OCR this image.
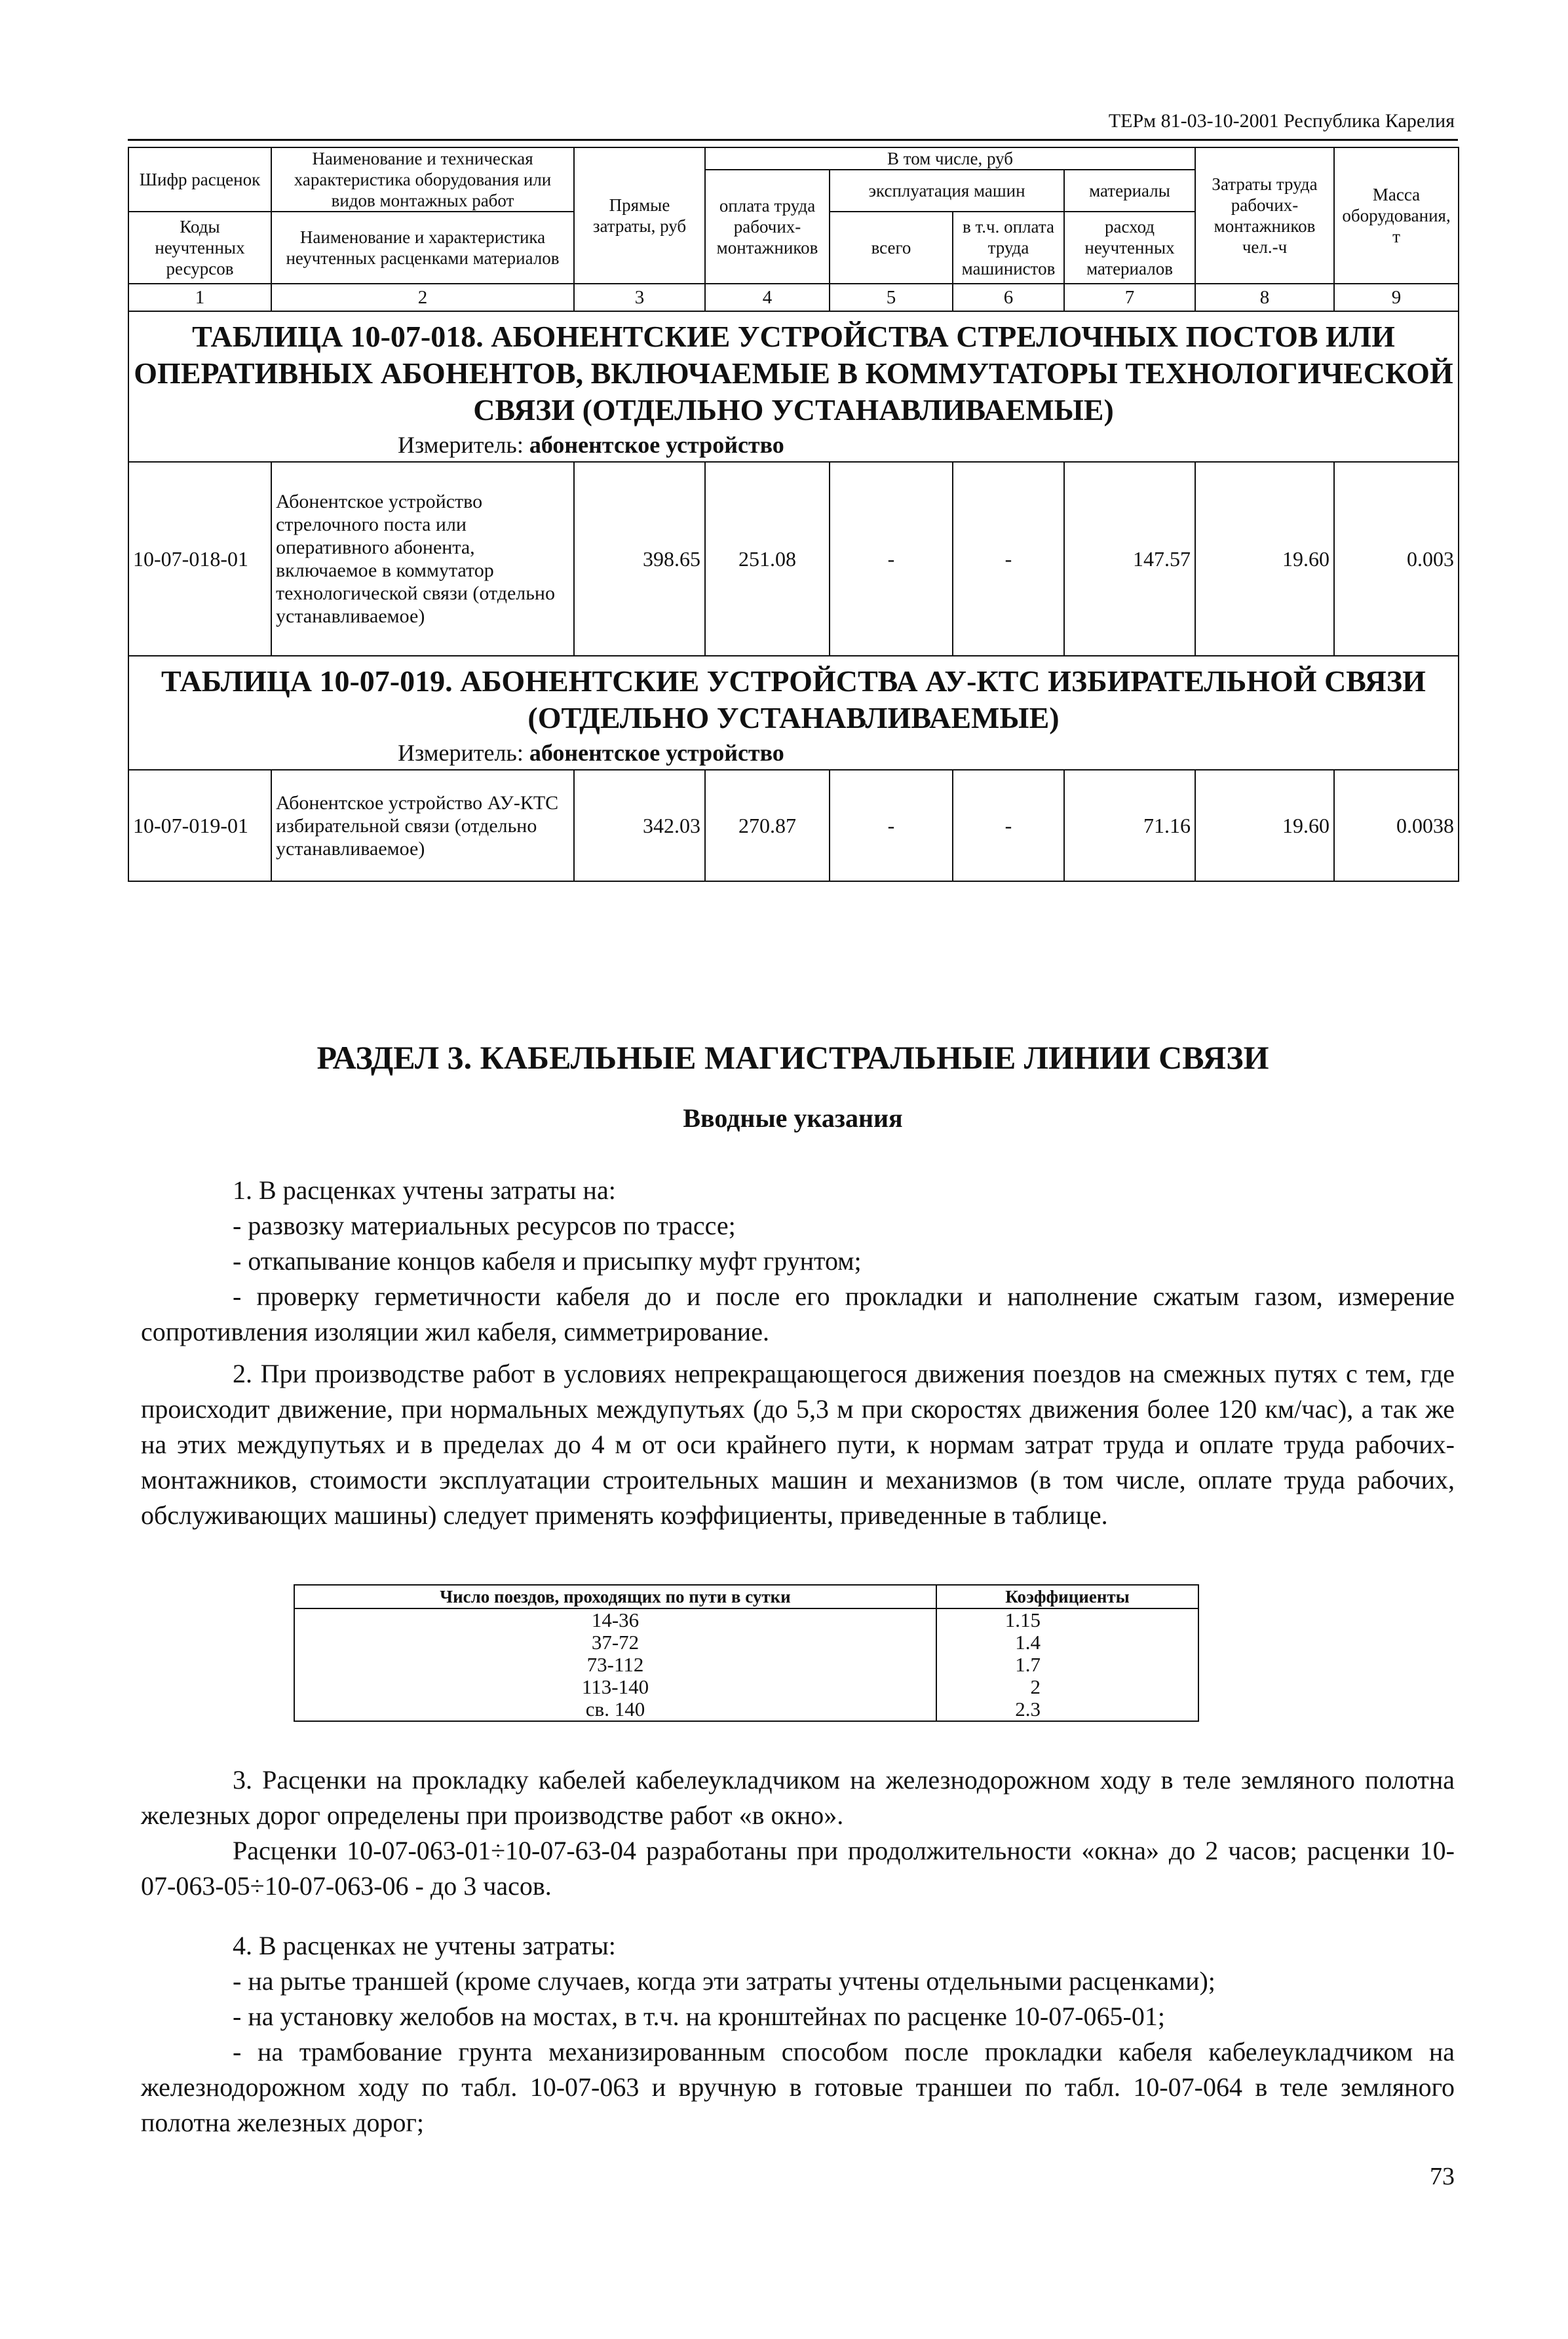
ТЕРм 81-03-10-2001 Республика Карелия
Шифр расценок	Наименование и техническая характеристика оборудования или видов монтажных работ	Прямые затраты, руб	В том числе, руб				Затраты труда рабочих-монтажников чел.-ч	Масса оборудования, т
			оплата труда рабочих-монтажников	эксплуатация машин		материалы		
Коды неучтенных ресурсов	Наименование и характеристика неучтенных расценками материалов			всего	в т.ч. оплата труда машинистов	расход неучтенных материалов		

1	2	3	4	5	6	7	8	9
ТАБЛИЦА 10-07-018. АБОНЕНТСКИЕ УСТРОЙСТВА СТРЕЛОЧНЫХ ПОСТОВ ИЛИ ОПЕРАТИВНЫХ АБОНЕНТОВ, ВКЛЮЧАЕМЫЕ В КОММУТАТОРЫ ТЕХНОЛОГИЧЕСКОЙ СВЯЗИ (ОТДЕЛЬНО УСТАНАВЛИВАЕМЫЕ)								
Измеритель: абонентское устройство								
10-07-018-01	Абонентское устройство стрелочного поста или оперативного абонента, включаемое в коммутатор технологической связи (отдельно устанавливаемое)	398.65	251.08	-	-	147.57	19.60	0.003
ТАБЛИЦА 10-07-019. АБОНЕНТСКИЕ УСТРОЙСТВА АУ-КТС ИЗБИРАТЕЛЬНОЙ СВЯЗИ (ОТДЕЛЬНО УСТАНАВЛИВАЕМЫЕ)								
Измеритель: абонентское устройство								
10-07-019-01	Абонентское устройство АУ-КТС избирательной связи (отдельно устанавливаемое)	342.03	270.87	-	-	71.16	19.60	0.0038
РАЗДЕЛ 3. КАБЕЛЬНЫЕ МАГИСТРАЛЬНЫЕ ЛИНИИ СВЯЗИ
Вводные указания

1. В расценках учтены затраты на:

- развозку материальных ресурсов по трассе;

- откапывание концов кабеля и присыпку муфт грунтом;

- проверку герметичности кабеля до и после его прокладки и наполнение сжатым газом, измерение сопротивления изоляции жил кабеля, симметрирование.

2. При производстве работ в условиях непрекращающегося движения поездов на смежных путях с тем, где происходит движение, при нормальных междупутьях (до 5,3 м при скоростях движения более 120 км/час), а так же на этих междупутьях и в пределах до 4 м от оси крайнего пути, к нормам затрат труда и оплате труда рабочих-монтажников, стоимости эксплуатации строительных машин и механизмов (в том числе, оплате труда рабочих, обслуживающих машины) следует применять коэффициенты, приведенные в таблице.

Число поездов, проходящих по пути в сутки	Коэффициенты
14-36	1.15
37-72	1.4
73-112	1.7
113-140	2
св. 140	2.3

3. Расценки на прокладку кабелей кабелеукладчиком на железнодорожном ходу в теле земляного полотна железных дорог определены при производстве работ «в окно».

Расценки 10-07-063-01÷10-07-63-04 разработаны при продолжительности «окна» до 2 часов; расценки 10-07-063-05÷10-07-063-06 - до 3 часов.

4. В расценках не учтены затраты:

- на рытье траншей (кроме случаев, когда эти затраты учтены отдельными расценками);

- на установку желобов на мостах, в т.ч. на кронштейнах по расценке 10-07-065-01;

- на трамбование грунта механизированным способом после прокладки кабеля кабелеукладчиком на железнодорожном ходу по табл. 10-07-063 и вручную в готовые траншеи по табл. 10-07-064 в теле земляного полотна железных дорог;

73
